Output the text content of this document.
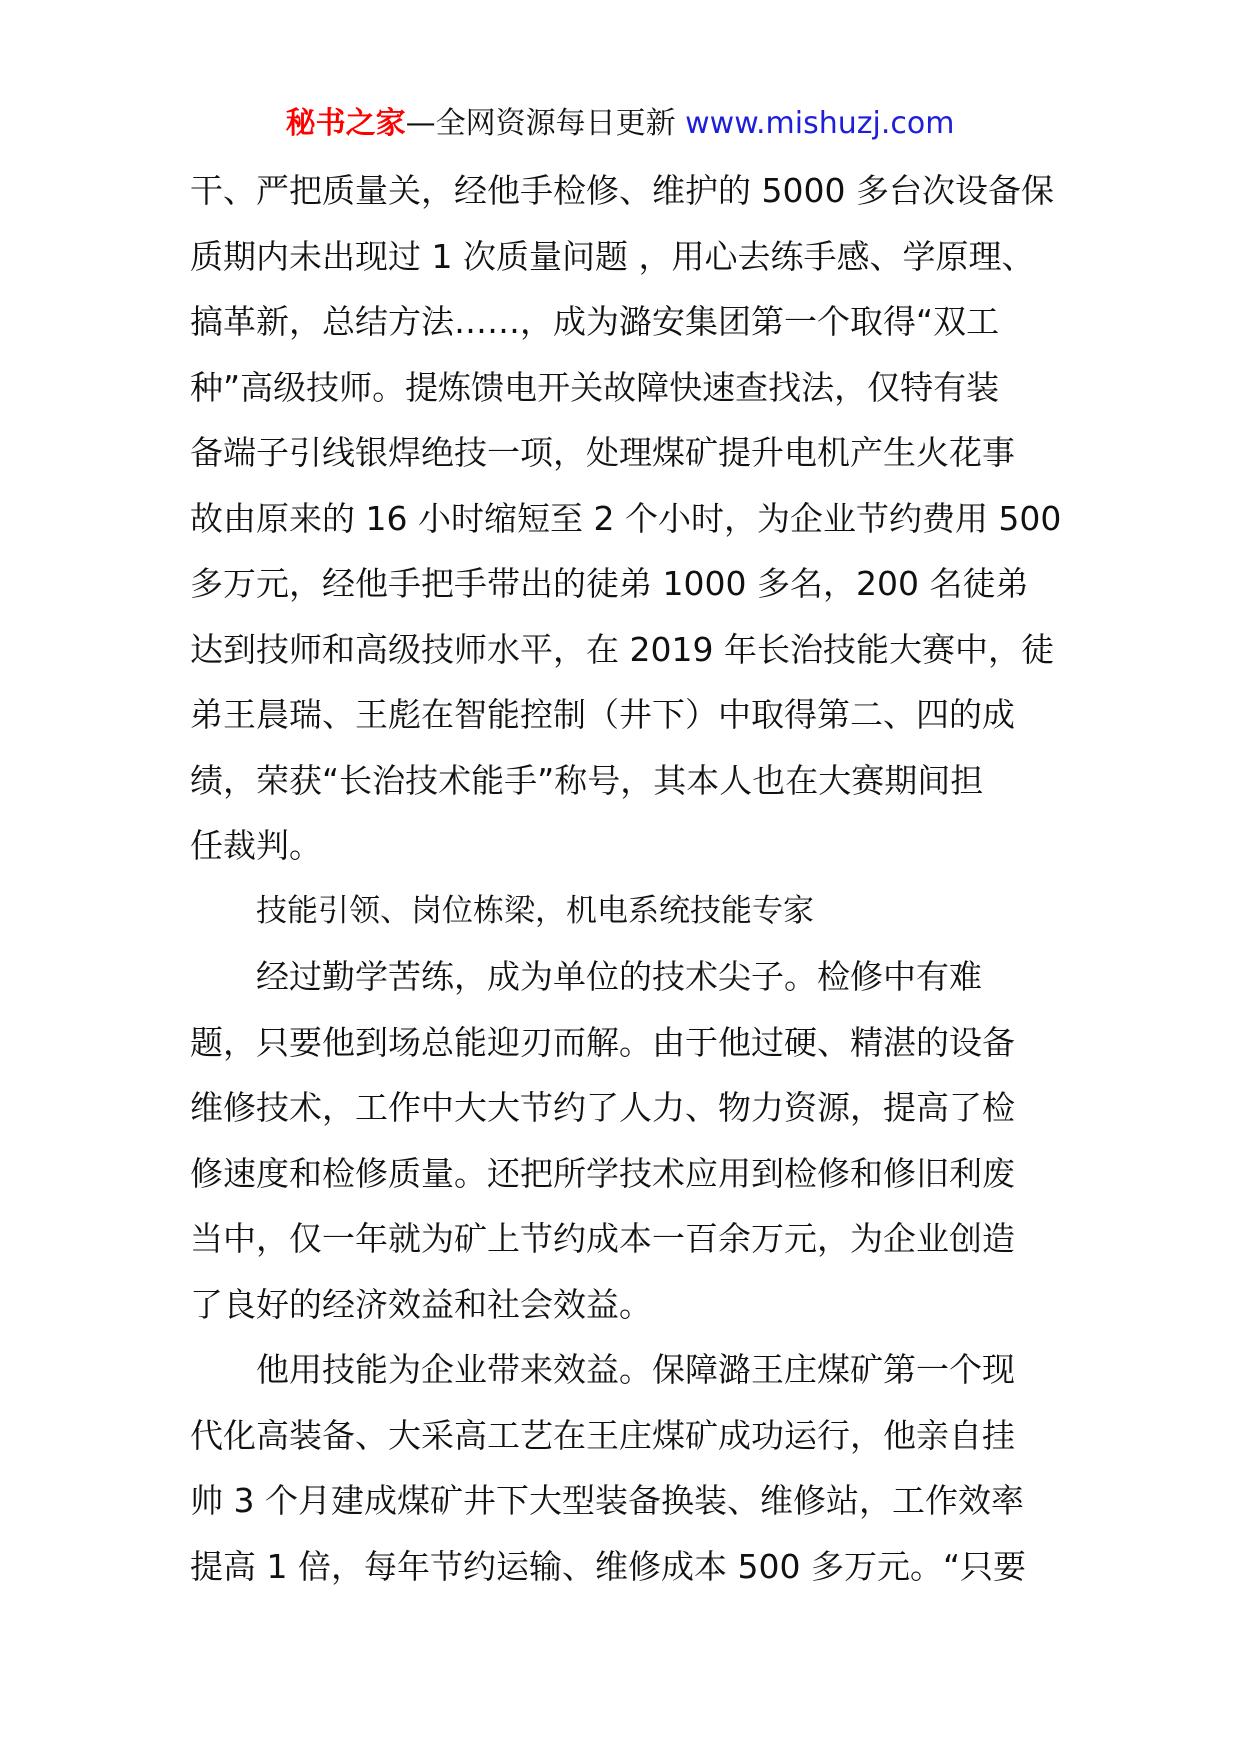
秘书之家—全网资源每日更新 www.mishuzj.com
干、严把质量关，经他手检修、维护的 5000 多台次设备保
质期内未出现过 1 次质量问题 ，用心去练手感、学原理、
搞革新，总结方法……，成为潞安集团第一个取得“双工
种”高级技师。提炼馈电开关故障快速查找法，仅特有装
备端子引线银焊绝技一项，处理煤矿提升电机产生火花事
故由原来的 16 小时缩短至 2 个小时，为企业节约费用 500
多万元，经他手把手带出的徒弟 1000 多名，200 名徒弟
达到技师和高级技师水平，在 2019 年长治技能大赛中，徒
弟王晨瑞、王彪在智能控制（井下）中取得第二、四的成
绩，荣获“长治技术能手”称号，其本人也在大赛期间担
任裁判。
技能引领、岗位栋梁，机电系统技能专家
经过勤学苦练，成为单位的技术尖子。检修中有难
题，只要他到场总能迎刃而解。由于他过硬、精湛的设备
维修技术，工作中大大节约了人力、物力资源，提高了检
修速度和检修质量。还把所学技术应用到检修和修旧利废
当中，仅一年就为矿上节约成本一百余万元，为企业创造
了良好的经济效益和社会效益。
他用技能为企业带来效益。保障潞王庄煤矿第一个现
代化高装备、大采高工艺在王庄煤矿成功运行，他亲自挂
帅 3 个月建成煤矿井下大型装备换装、维修站，工作效率
提高 1 倍，每年节约运输、维修成本 500 多万元。“只要
